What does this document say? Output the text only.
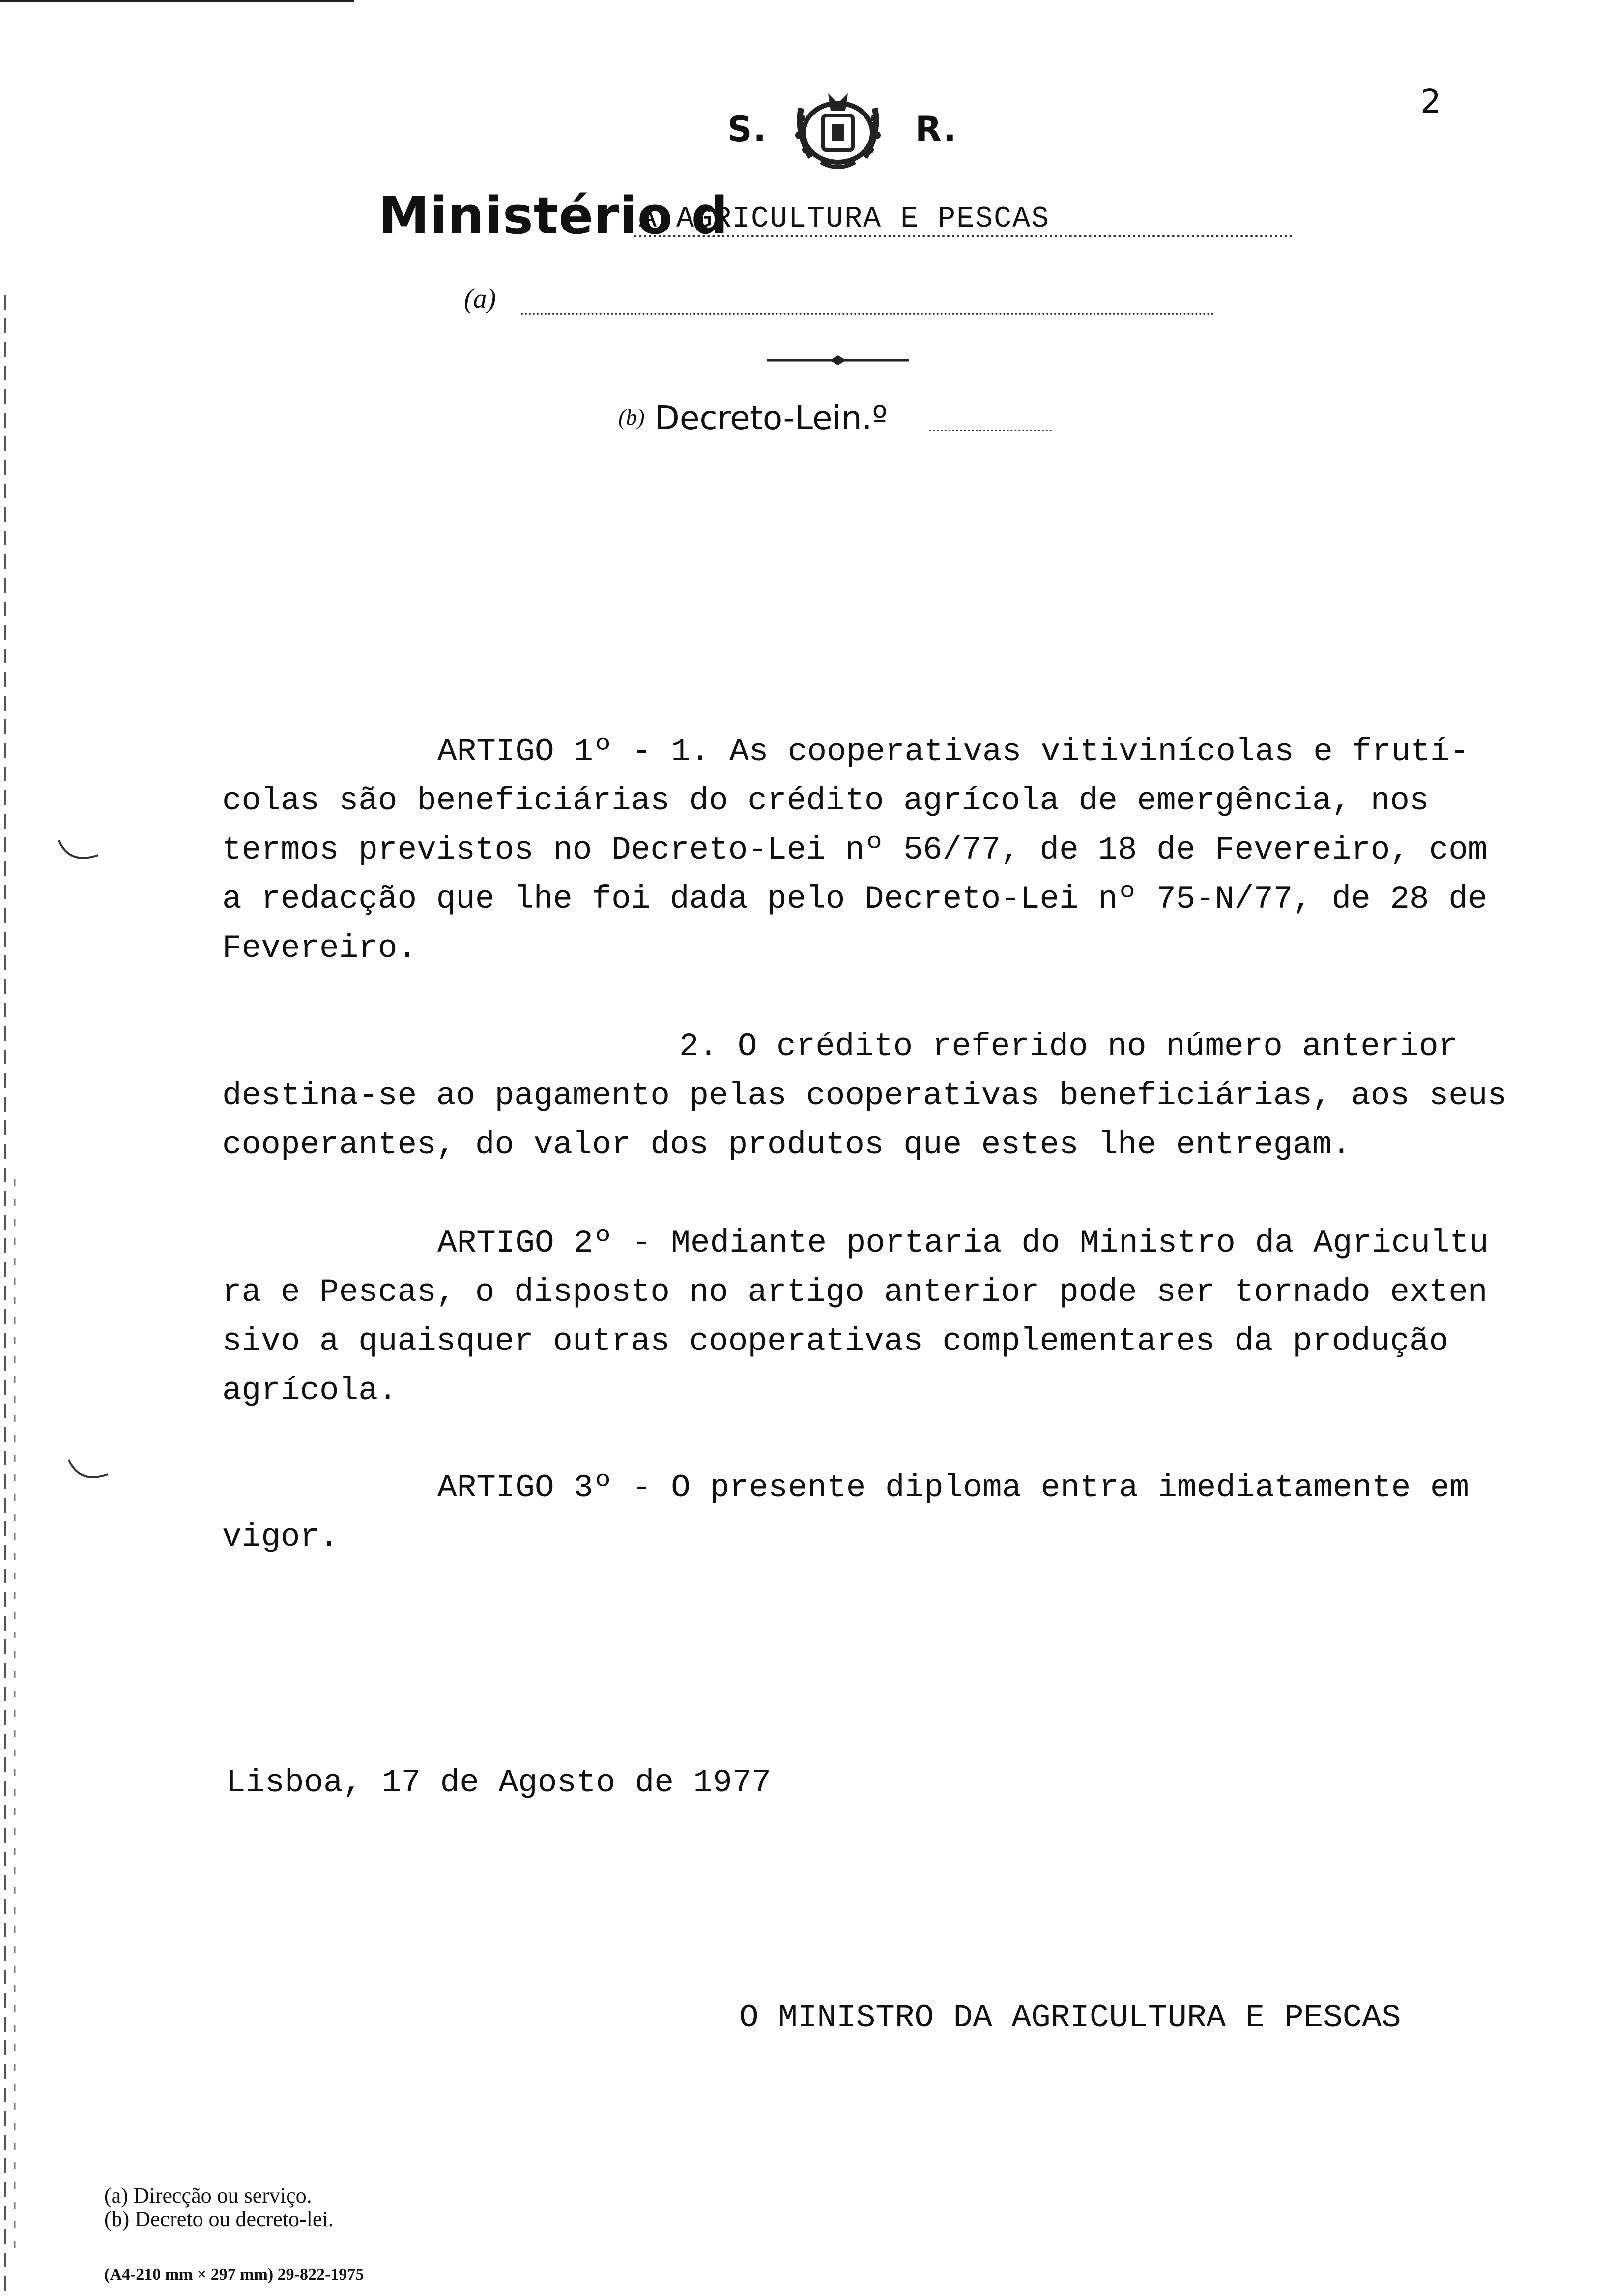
2
S.	R.
Ministério d
A AGRICULTURA E PESCAS
(a)
(b) Decreto-Lein.º
ARTIGO 1º - 1. As cooperativas vitivinícolas e frutí-
colas são beneficiárias do crédito agrícola de emergência, nos
termos previstos no Decreto-Lei nº 56/77, de 18 de Fevereiro, com
a redacção que lhe foi dada pelo Decreto-Lei nº 75-N/77, de 28 de
Fevereiro.
2. O crédito referido no número anterior
destina-se ao pagamento pelas cooperativas beneficiárias, aos seus
cooperantes, do valor dos produtos que estes lhe entregam.
ARTIGO 2º - Mediante portaria do Ministro da Agricultu
ra e Pescas, o disposto no artigo anterior pode ser tornado exten
sivo a quaisquer outras cooperativas complementares da produção
agrícola.
ARTIGO 3º - O presente diploma entra imediatamente em
vigor.
Lisboa, 17 de Agosto de 1977
O MINISTRO DA AGRICULTURA E PESCAS
(a) Direcção ou serviço.
(b) Decreto ou decreto-lei.
(A4-210 mm × 297 mm) 29-822-1975
